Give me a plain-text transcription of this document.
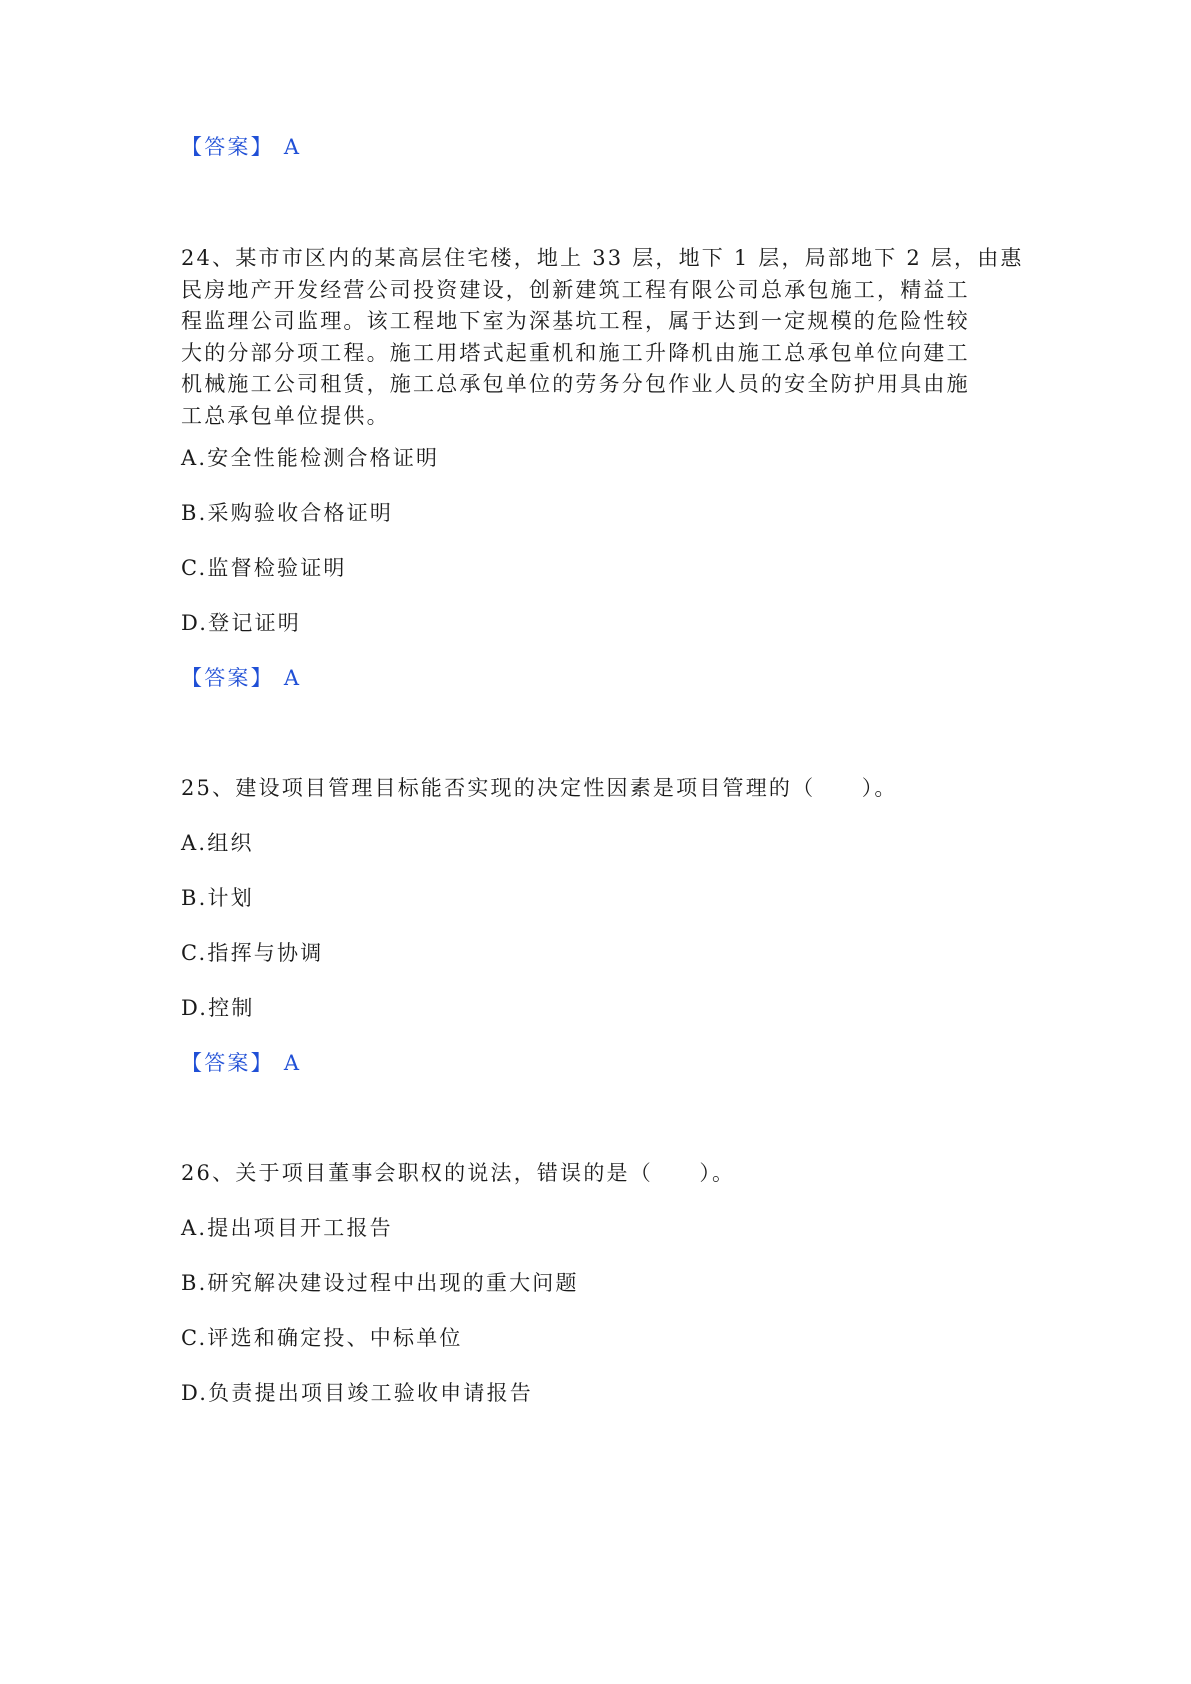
【答案】 A
24、某市市区内的某高层住宅楼，地上 33 层，地下 1 层，局部地下 2 层，由惠
民房地产开发经营公司投资建设，创新建筑工程有限公司总承包施工，精益工
程监理公司监理。该工程地下室为深基坑工程，属于达到一定规模的危险性较
大的分部分项工程。施工用塔式起重机和施工升降机由施工总承包单位向建工
机械施工公司租赁，施工总承包单位的劳务分包作业人员的安全防护用具由施
工总承包单位提供。
A.安全性能检测合格证明
B.采购验收合格证明
C.监督检验证明
D.登记证明
【答案】 A
25、建设项目管理目标能否实现的决定性因素是项目管理的（　　）。
A.组织
B.计划
C.指挥与协调
D.控制
【答案】 A
26、关于项目董事会职权的说法，错误的是（　　）。
A.提出项目开工报告
B.研究解决建设过程中出现的重大问题
C.评选和确定投、中标单位
D.负责提出项目竣工验收申请报告
